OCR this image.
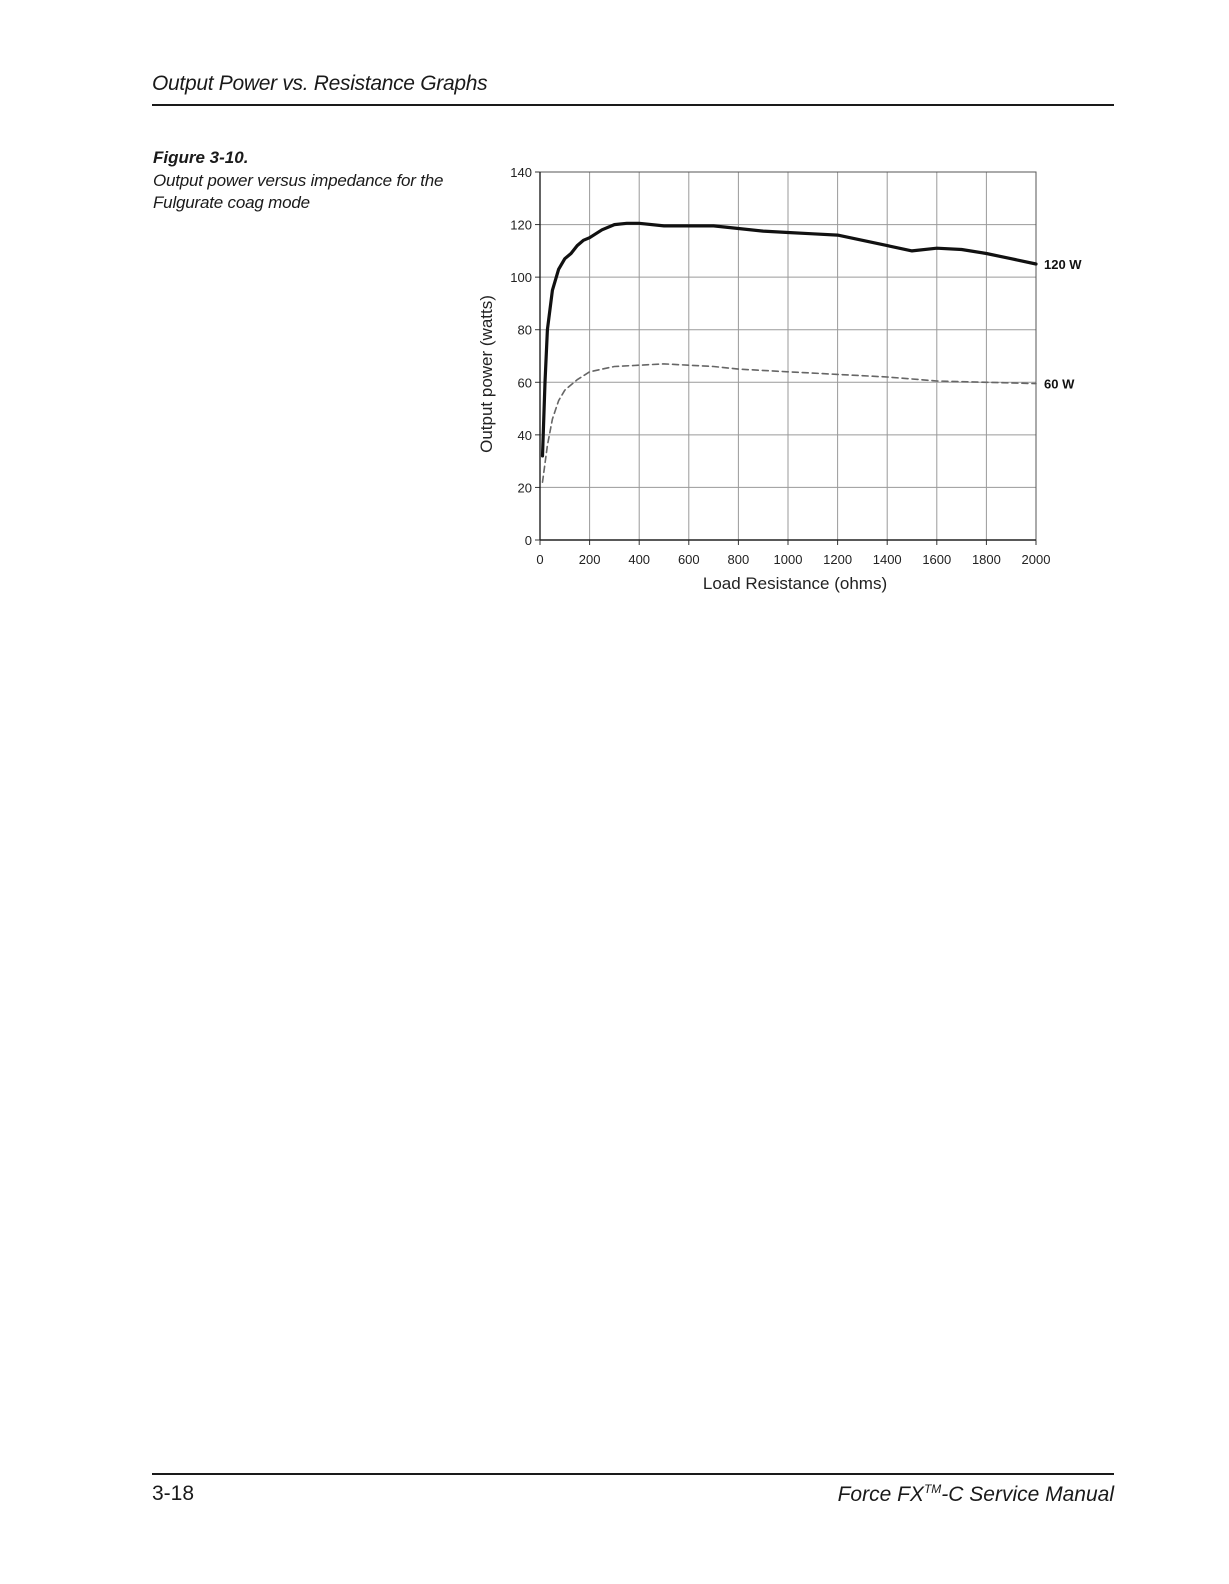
Output Power vs. Resistance Graphs
Figure 3-10.
Output power versus impedance for the Fulgurate coag mode
0
20
40
60
80
100
120
140
0	200 400 600 800 1000 1200 1400 1600 1800 2000
120 W
60 W
Load Resistance (ohms)
Output power (watts)
3-18	Force FX™-C Service Manual
